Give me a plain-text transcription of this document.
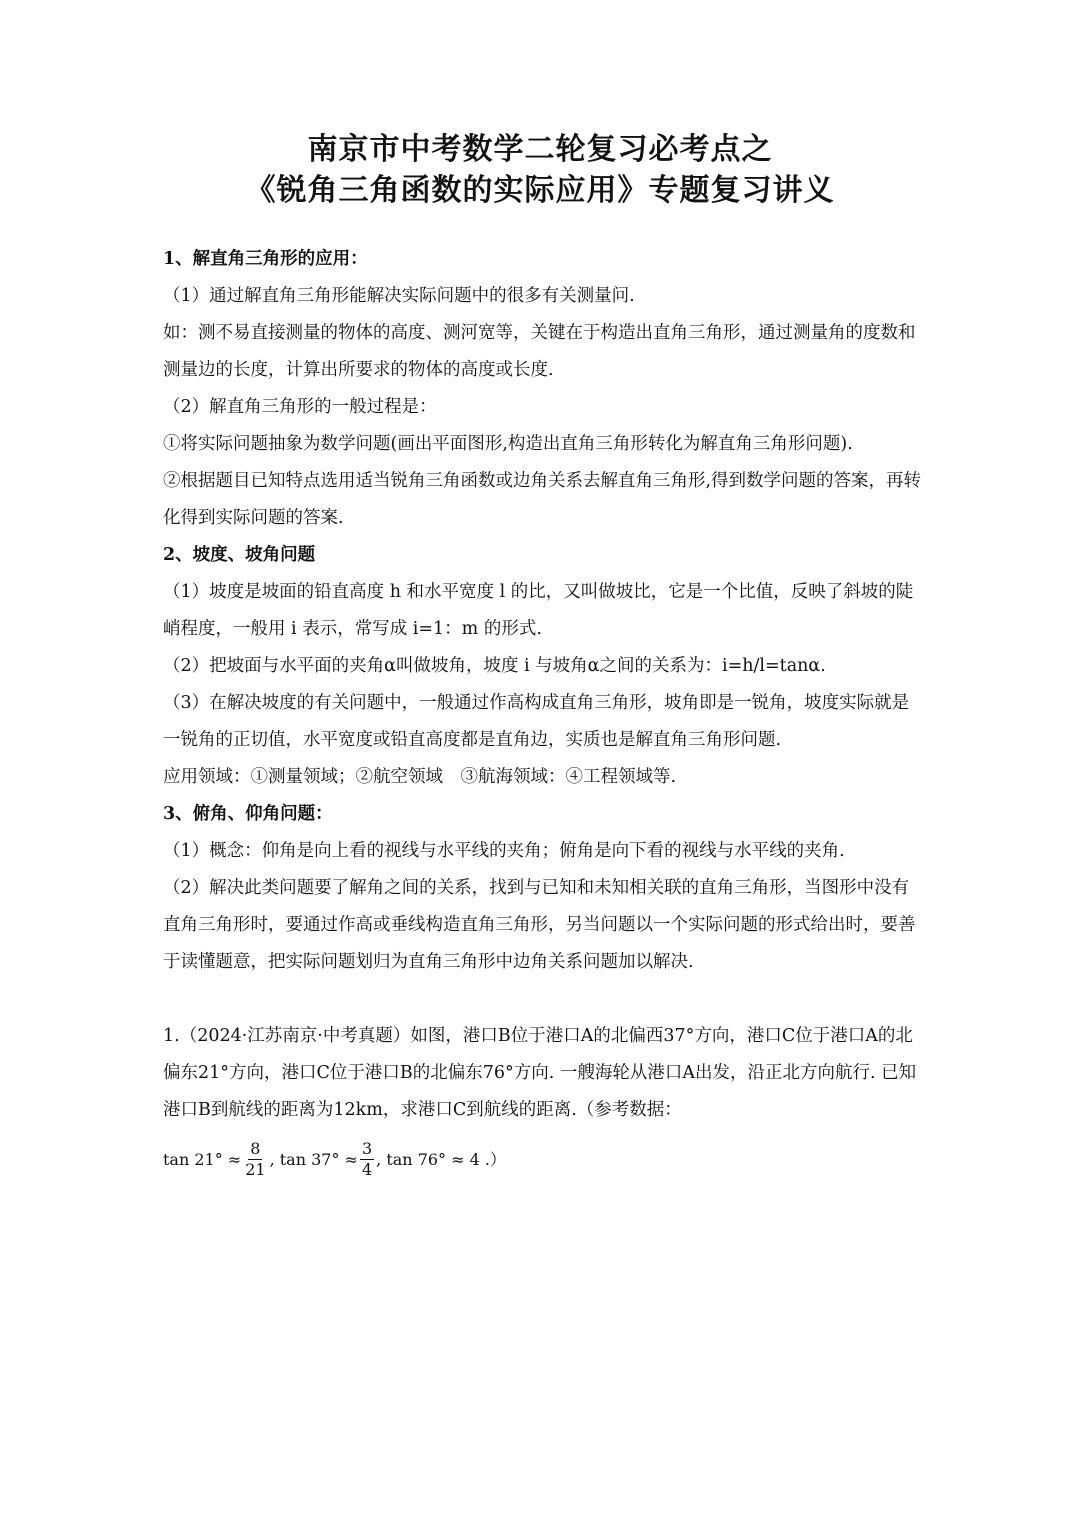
南京市中考数学二轮复习必考点之
《锐角三角函数的实际应用》专题复习讲义

1、解直角三角形的应用：

（1）通过解直角三角形能解决实际问题中的很多有关测量问.

如：测不易直接测量的物体的高度、测河宽等，关键在于构造出直角三角形，通过测量角的度数和测量边的长度，计算出所要求的物体的高度或长度.

（2）解直角三角形的一般过程是：

①将实际问题抽象为数学问题(画出平面图形,构造出直角三角形转化为解直角三角形问题).

②根据题目已知特点选用适当锐角三角函数或边角关系去解直角三角形,得到数学问题的答案，再转化得到实际问题的答案.

2、坡度、坡角问题

（1）坡度是坡面的铅直高度 h 和水平宽度 l 的比，又叫做坡比，它是一个比值，反映了斜坡的陡峭程度，一般用 i 表示，常写成 i=1：m 的形式.

（2）把坡面与水平面的夹角α叫做坡角，坡度 i 与坡角α之间的关系为：i=h/l=tanα.

（3）在解决坡度的有关问题中，一般通过作高构成直角三角形，坡角即是一锐角，坡度实际就是一锐角的正切值，水平宽度或铅直高度都是直角边，实质也是解直角三角形问题.

应用领域：①测量领域；②航空领域　③航海领域：④工程领域等.

3、俯角、仰角问题：

（1）概念：仰角是向上看的视线与水平线的夹角；俯角是向下看的视线与水平线的夹角.

（2）解决此类问题要了解角之间的关系，找到与已知和未知相关联的直角三角形，当图形中没有直角三角形时，要通过作高或垂线构造直角三角形，另当问题以一个实际问题的形式给出时，要善于读懂题意，把实际问题划归为直角三角形中边角关系问题加以解决.

1.（2024·江苏南京·中考真题）如图，港口B位于港口A的北偏西37°方向，港口C位于港口A的北偏东21°方向，港口C位于港口B的北偏东76°方向. 一艘海轮从港口A出发，沿正北方向航行. 已知港口B到航线的距离为12km，求港口C到航线的距离.（参考数据：

$\tan 21^\circ \approx \frac{8}{21}$ , $\tan 37^\circ \approx \frac{3}{4}$ , tan 76° ≈ 4 .）
